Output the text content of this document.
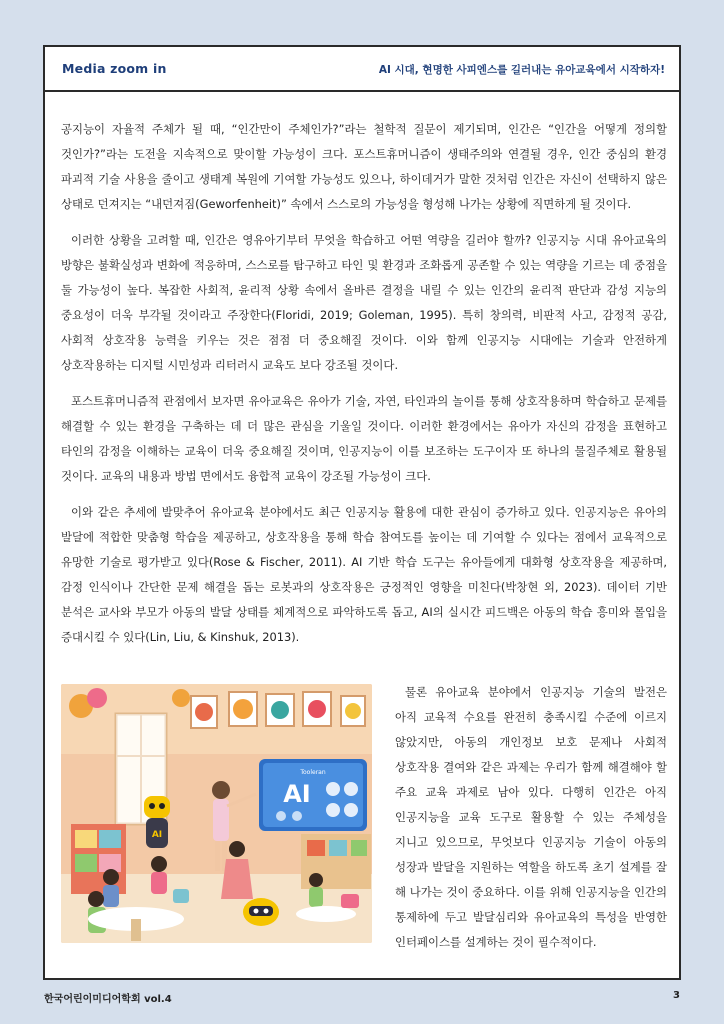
Media zoom in	AI 시대, 현명한 사피엔스를 길러내는 유아교육에서 시작하자!

공지능이 자율적 주체가 될 때, “인간만이 주체인가?”라는 철학적 질문이 제기되며, 인간은 “인간을 어떻게 정의할 것인가?”라는 도전을 지속적으로 맞이할 가능성이 크다. 포스트휴머니즘이 생태주의와 연결될 경우, 인간 중심의 환경 파괴적 기술 사용을 줄이고 생태계 복원에 기여할 가능성도 있으나, 하이데거가 말한 것처럼 인간은 자신이 선택하지 않은 상태로 던져지는 “내던져짐(Geworfenheit)” 속에서 스스로의 가능성을 형성해 나가는 상황에 직면하게 될 것이다.

이러한 상황을 고려할 때, 인간은 영유아기부터 무엇을 학습하고 어떤 역량을 길러야 할까? 인공지능 시대 유아교육의 방향은 불확실성과 변화에 적응하며, 스스로를 탐구하고 타인 및 환경과 조화롭게 공존할 수 있는 역량을 기르는 데 중점을 둘 가능성이 높다. 복잡한 사회적, 윤리적 상황 속에서 올바른 결정을 내릴 수 있는 인간의 윤리적 판단과 감성 지능의 중요성이 더욱 부각될 것이라고 주장한다(Floridi, 2019; Goleman, 1995). 특히 창의력, 비판적 사고, 감정적 공감, 사회적 상호작용 능력을 키우는 것은 점점 더 중요해질 것이다. 이와 함께 인공지능 시대에는 기술과 안전하게 상호작용하는 디지털 시민성과 리터러시 교육도 보다 강조될 것이다.

포스트휴머니즘적 관점에서 보자면 유아교육은 유아가 기술, 자연, 타인과의 놀이를 통해 상호작용하며 학습하고 문제를 해결할 수 있는 환경을 구축하는 데 더 많은 관심을 기울일 것이다. 이러한 환경에서는 유아가 자신의 감정을 표현하고 타인의 감정을 이해하는 교육이 더욱 중요해질 것이며, 인공지능이 이를 보조하는 도구이자 또 하나의 물질주체로 활용될 것이다. 교육의 내용과 방법 면에서도 융합적 교육이 강조될 가능성이 크다.

이와 같은 추세에 발맞추어 유아교육 분야에서도 최근 인공지능 활용에 대한 관심이 증가하고 있다. 인공지능은 유아의 발달에 적합한 맞춤형 학습을 제공하고, 상호작용을 통해 학습 참여도를 높이는 데 기여할 수 있다는 점에서 교육적으로 유망한 기술로 평가받고 있다(Rose & Fischer, 2011). AI 기반 학습 도구는 유아들에게 대화형 상호작용을 제공하며, 감정 인식이나 간단한 문제 해결을 돕는 로봇과의 상호작용은 긍정적인 영향을 미친다(박창현 외, 2023). 데이터 기반 분석은 교사와 부모가 아동의 발달 상태를 체계적으로 파악하도록 돕고, AI의 실시간 피드백은 아동의 학습 흥미와 몰입을 증대시킬 수 있다(Lin, Liu, & Kinshuk, 2013).

Tooleran
AI
AI
물론 유아교육 분야에서 인공지능 기술의 발전은 아직 교육적 수요를 완전히 충족시킬 수준에 이르지 않았지만, 아동의 개인정보 보호 문제나 사회적 상호작용 결여와 같은 과제는 우리가 함께 해결해야 할 주요 교육 과제로 남아 있다. 다행히 인간은 아직 인공지능을 교육 도구로 활용할 수 있는 주체성을 지니고 있으므로, 무엇보다 인공지능 기술이 아동의 성장과 발달을 지원하는 역할을 하도록 초기 설계를 잘 해 나가는 것이 중요하다. 이를 위해 인공지능을 인간의 통제하에 두고 발달심리와 유아교육의 특성을 반영한 인터페이스를 설계하는 것이 필수적이다.
한국어린이미디어학회 vol.4	3
